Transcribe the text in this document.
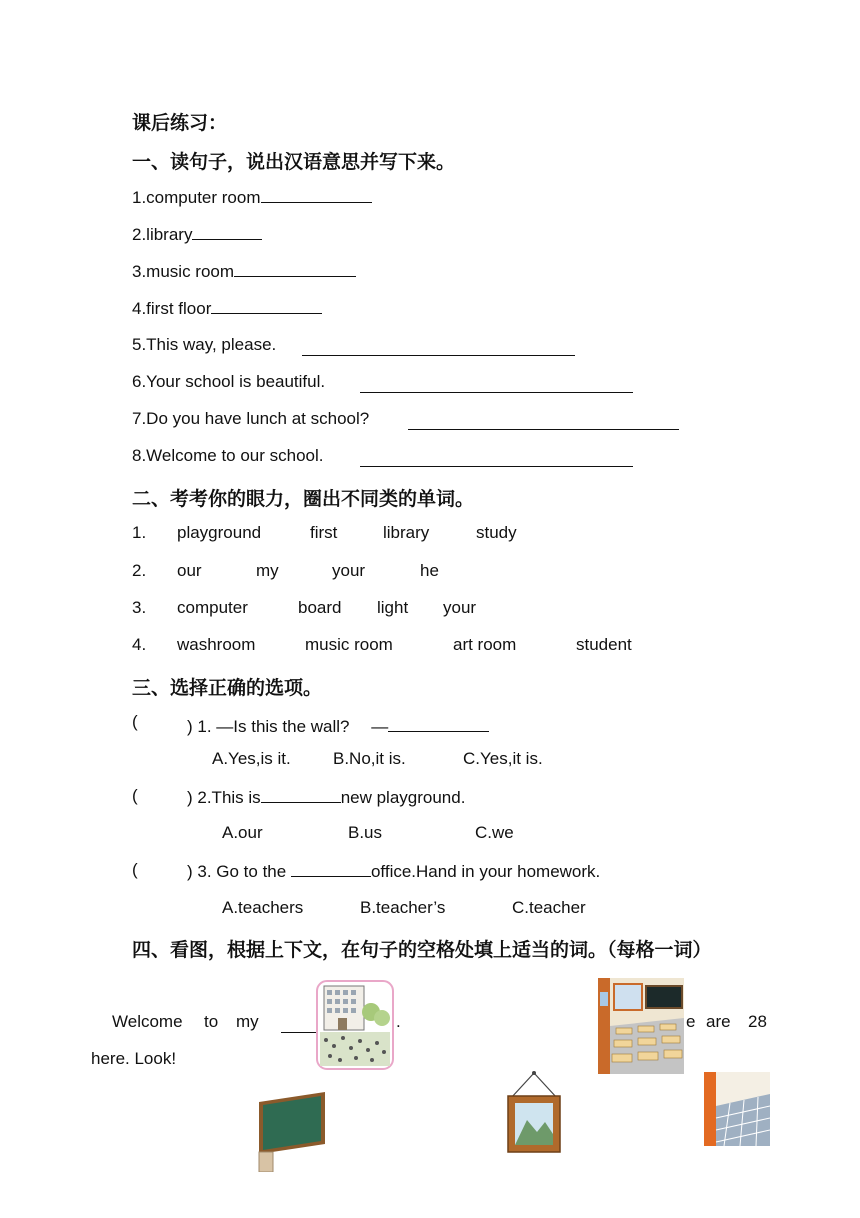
课后练习：
一、读句子，说出汉语意思并写下来。
1.computer room
2.library
3.music room
4.first floor
5.This way, please.
6.Your school is beautiful.
7.Do you have lunch at school?
8.Welcome to our school.
二、考考你的眼力，圈出不同类的单词。
1. playground	first	library	study
2. our	my	your	he
3. computer	board light your
4. washroom	music room	art room	student
三、选择正确的选项。
(	) 1. —Is this the wall?　 —
A.Yes,is it. B.No,it is.	C.Yes,it is.
(	) 2.This is	new playground.
A.our	B.us	C.we
(	) 3. Go to the	office.Hand in your homework.
A.teachers	B.teacher’s	C.teacher
四、看图，根据上下文，在句子的空格处填上适当的词。（每格一词）
Welcome to my	.	e are 28
here. Look!
